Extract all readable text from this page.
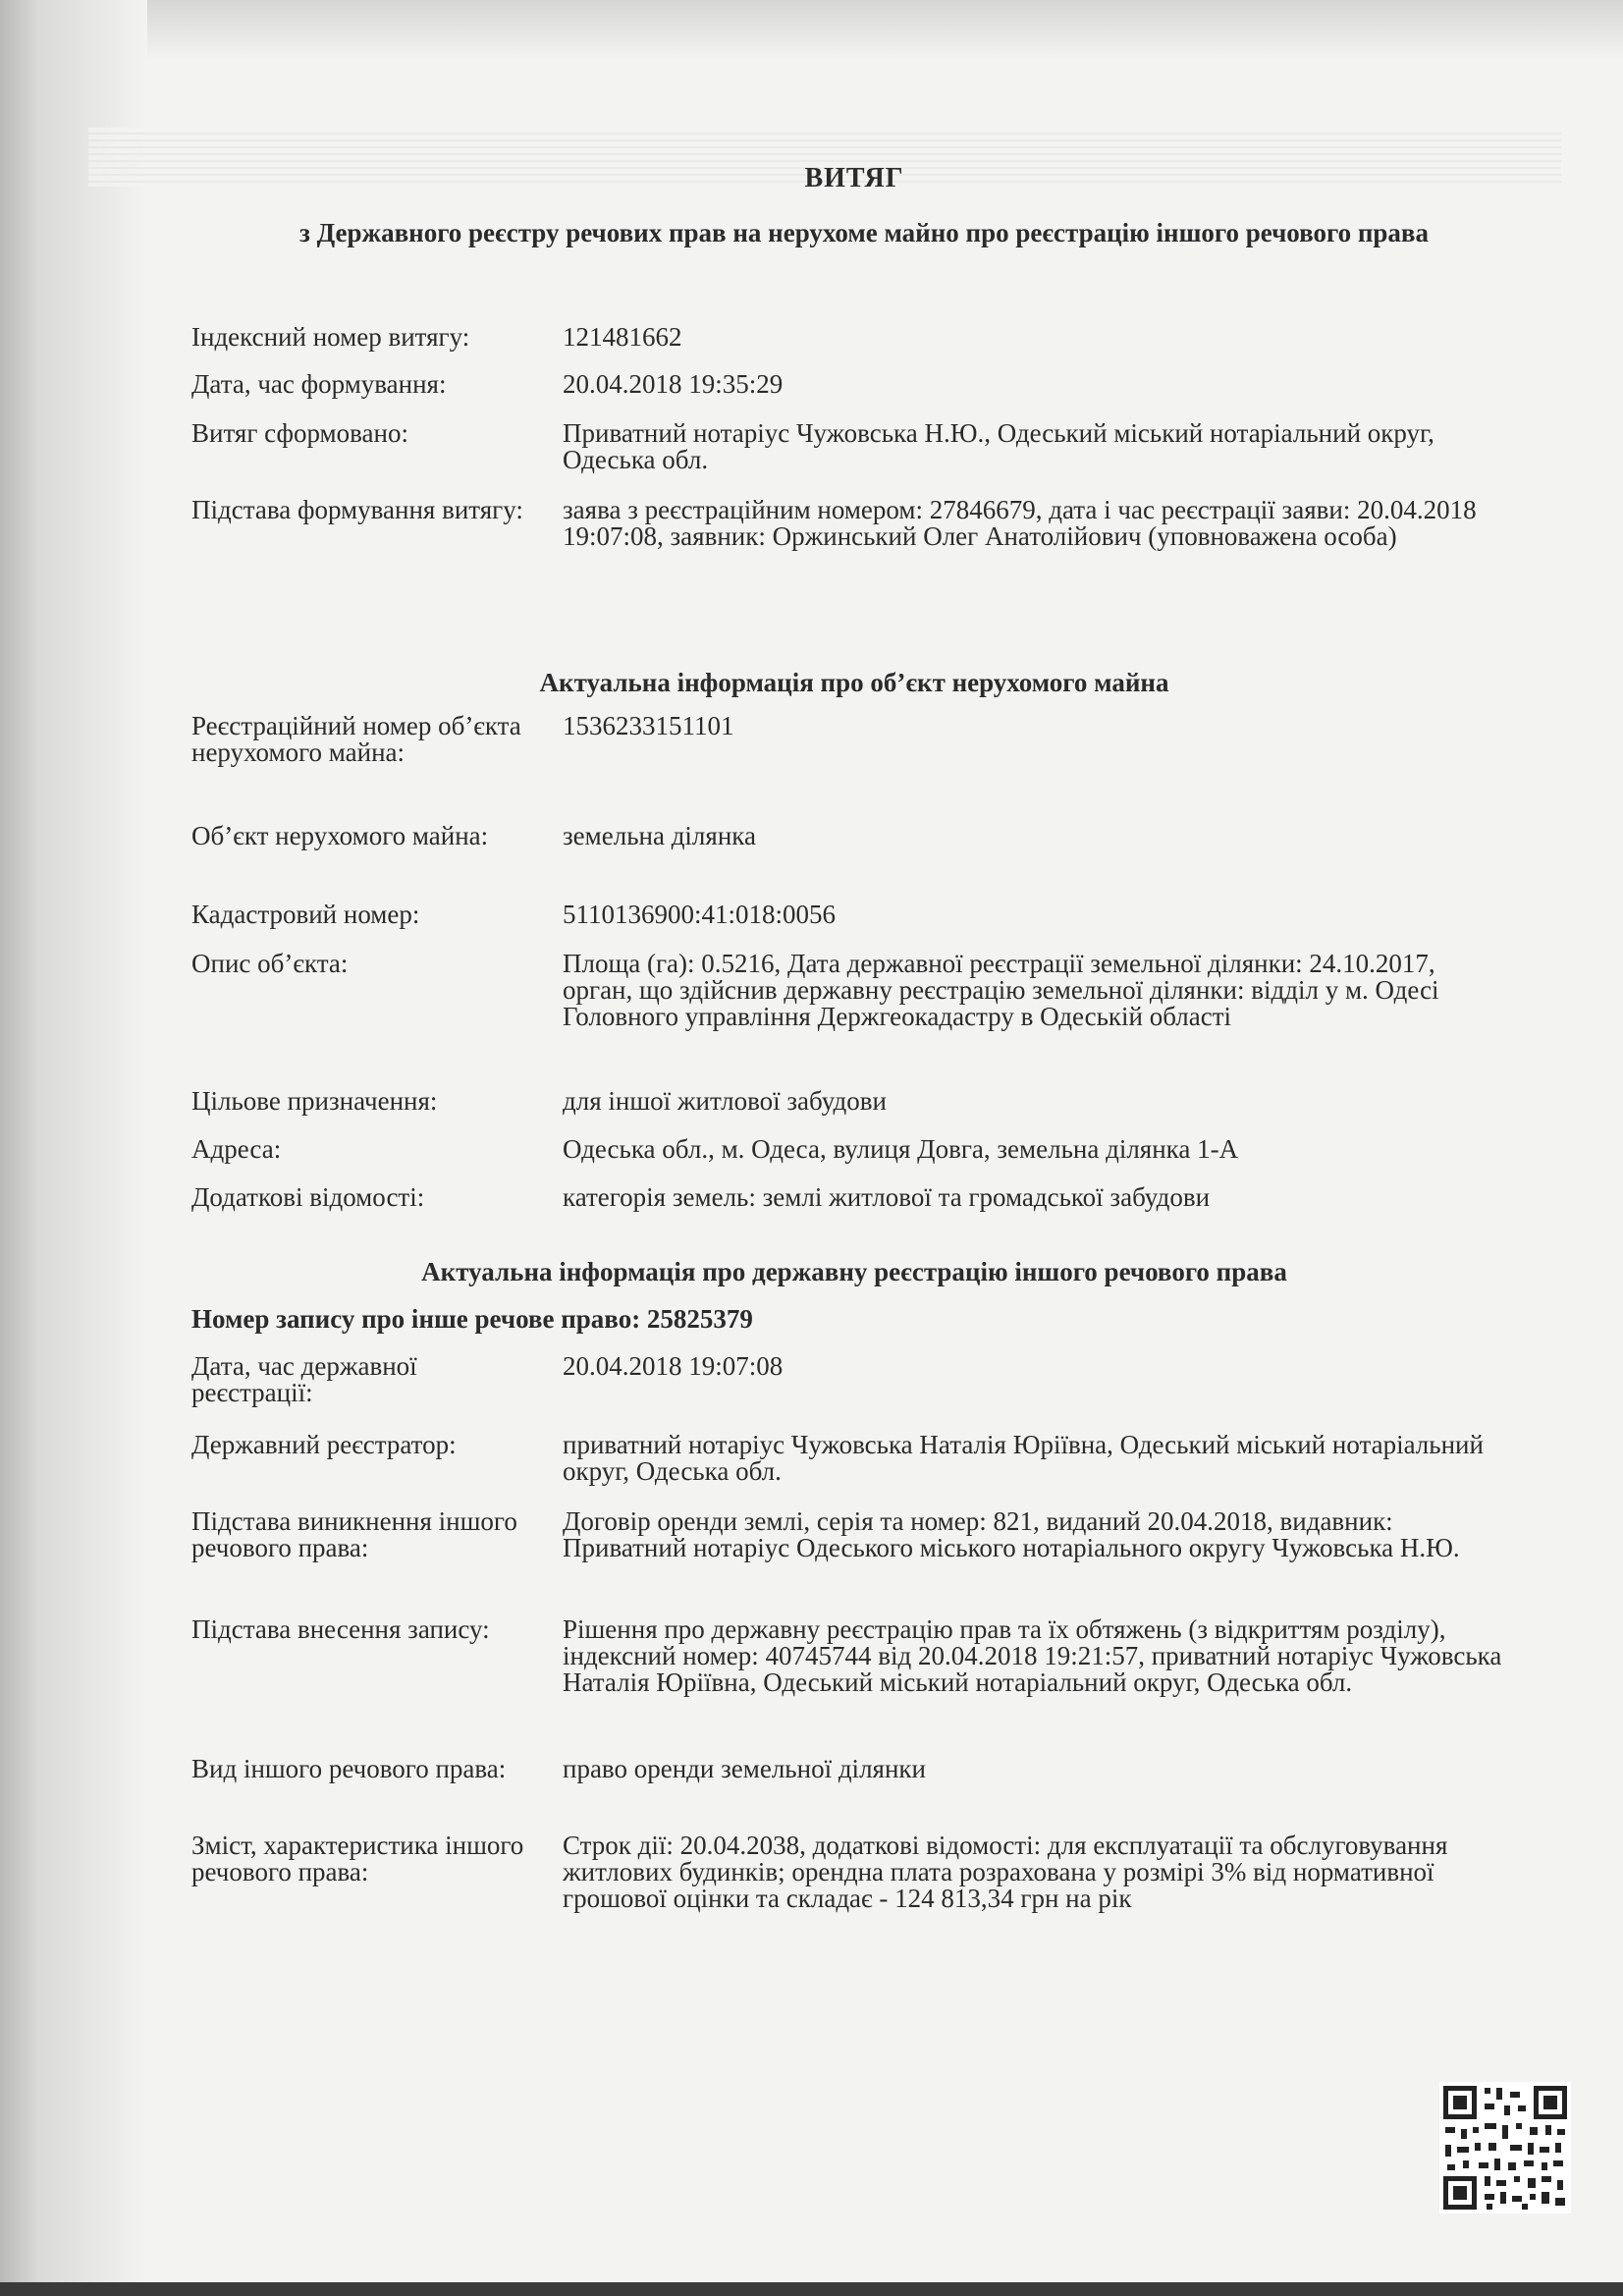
ВИТЯГ
з Державного реєстру речових прав на нерухоме майно про реєстрацію іншого речового права
Індексний номер витягу:	121481662
Дата, час формування:	20.04.2018 19:35:29
Витяг сформовано:	Приватний нотаріус Чужовська Н.Ю., Одеський міський нотаріальний округ, Одеська обл.
Підстава формування витягу: заява з реєстраційним номером: 27846679, дата і час реєстрації заяви: 20.04.2018 19:07:08, заявник: Оржинський Олег Анатолійович (уповноважена особа)
Актуальна інформація про об’єкт нерухомого майна
Реєстраційний номер об’єкта нерухомого майна:
1536233151101
Об’єкт нерухомого майна:	земельна ділянка
Кадастровий номер:	5110136900:41:018:0056
Опис об’єкта:	Площа (га): 0.5216, Дата державної реєстрації земельної ділянки: 24.10.2017, орган, що здійснив державну реєстрацію земельної ділянки: відділ у м. Одесі Головного управління Держгеокадастру в Одеській області
Цільове призначення:	для іншої житлової забудови
Адреса:	Одеська обл., м. Одеса, вулиця Довга, земельна ділянка 1-А
Додаткові відомості:	категорія земель: землі житлової та громадської забудови
Актуальна інформація про державну реєстрацію іншого речового права
Номер запису про інше речове право: 25825379
Дата, час державної реєстрації:
20.04.2018 19:07:08
Державний реєстратор:	приватний нотаріус Чужовська Наталія Юріївна, Одеський міський нотаріальний округ, Одеська обл.
Підстава виникнення іншого речового права:
Договір оренди землі, серія та номер: 821, виданий 20.04.2018, видавник: Приватний нотаріус Одеського міського нотаріального округу Чужовська Н.Ю.
Підстава внесення запису:	Рішення про державну реєстрацію прав та їх обтяжень (з відкриттям розділу), індексний номер: 40745744 від 20.04.2018 19:21:57, приватний нотаріус Чужовська Наталія Юріївна, Одеський міський нотаріальний округ, Одеська обл.
Вид іншого речового права:	право оренди земельної ділянки
Зміст, характеристика іншого речового права:
Строк дії: 20.04.2038, додаткові відомості: для експлуатації та обслуговування житлових будинків; орендна плата розрахована у розмірі 3% від нормативної грошової оцінки та складає - 124 813,34 грн на рік
